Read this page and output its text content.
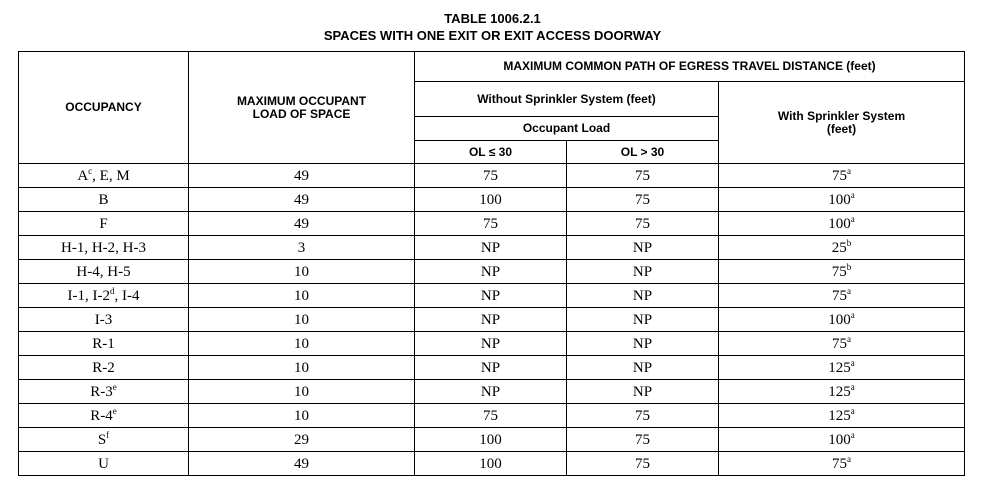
TABLE 1006.2.1
SPACES WITH ONE EXIT OR EXIT ACCESS DOORWAY
OCCUPANCY	MAXIMUM OCCUPANT LOAD OF SPACE	MAXIMUM COMMON PATH OF EGRESS TRAVEL DISTANCE (feet)		

		Without Sprinkler System (feet)		With Sprinkler System (feet)

		Occupant Load		
		OL ≤ 30	OL > 30	
$A^c$, E, M	49	75	75	75$^a$
B	49	100	75	100$^a$
F	49	75	75	100$^a$
H-1, H-2, H-3	3	NP	NP	25$^b$
H-4, H-5	10	NP	NP	75$^b$
I-1, I-2$^d$, I-4	10	NP	NP	75$^a$
I-3	10	NP	NP	100$^a$
R-1	10	NP	NP	75$^a$
R-2	10	NP	NP	125$^a$
R-3e	10	NP	NP	125$^a$
R-4e	10	75	75	125$^a$
$S^f$	29	100	75	100$^a$
U	49	100	75	75$^a$
